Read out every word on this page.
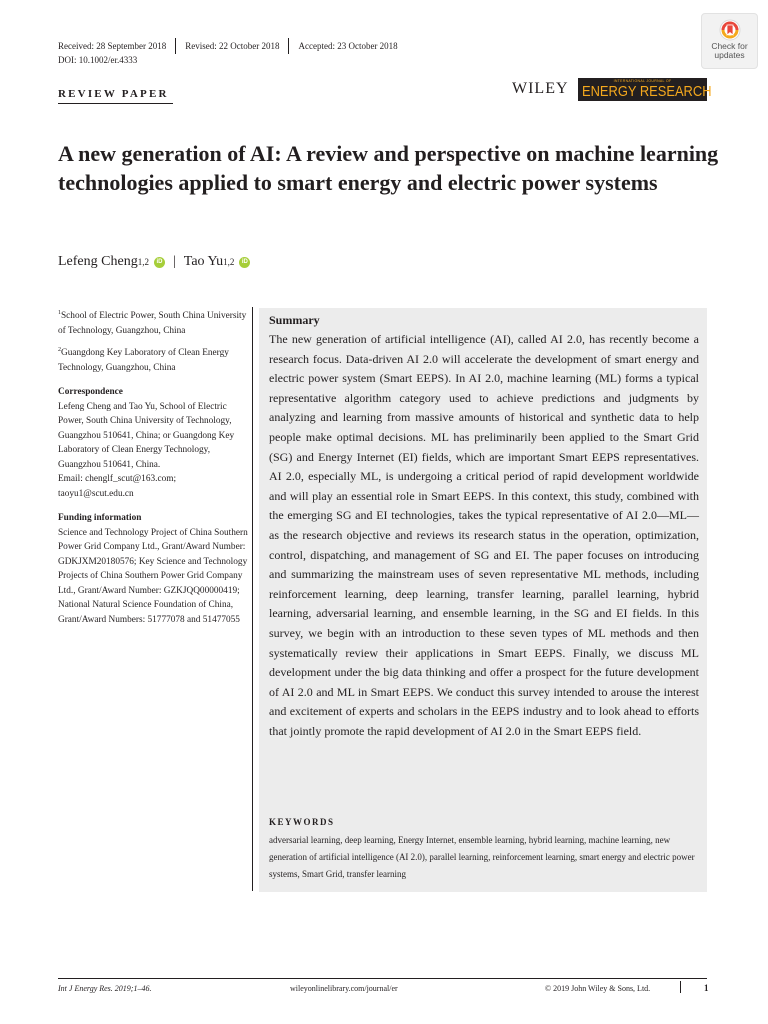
Received: 28 September 2018 Revised: 22 October 2018 Accepted: 23 October 2018
DOI: 10.1002/er.4333
Check for
updates
REVIEW PAPER	WILEY	INTERNATIONAL JOURNAL OF
ENERGY RESEARCH
A new generation of AI: A review and perspective on machine learning technologies applied to smart energy and electric power systems
Lefeng Cheng 1,2	iD | Tao Yu 1,2	iD

$^1$School of Electric Power, South China University of Technology, Guangzhou, China

$^2$Guangdong Key Laboratory of Clean Energy Technology, Guangzhou, China

Correspondence

Lefeng Cheng and Tao Yu, School of Electric Power, South China University of Technology, Guangzhou 510641, China; or Guangdong Key Laboratory of Clean Energy Technology, Guangzhou 510641, China.

Email: chenglf_scut@163.com;

taoyu1@scut.edu.cn

Funding information

Science and Technology Project of China Southern Power Grid Company Ltd., Grant/Award Number: GDKJXM20180576; Key Science and Technology Projects of China Southern Power Grid Company Ltd., Grant/Award Number: GZKJQQ00000419; National Natural Science Foundation of China, Grant/Award Numbers: 51777078 and 51477055

Summary
The new generation of artificial intelligence (AI), called AI 2.0, has recently become a research focus. Data-driven AI 2.0 will accelerate the development of smart energy and electric power system (Smart EEPS). In AI 2.0, machine learning (ML) forms a typical representative algorithm category used to achieve predictions and judgments by analyzing and learning from massive amounts of historical and synthetic data to help people make optimal decisions. ML has preliminarily been applied to the Smart Grid (SG) and Energy Internet (EI) fields, which are important Smart EEPS representatives. AI 2.0, especially ML, is undergoing a critical period of rapid development worldwide and will play an essential role in Smart EEPS. In this context, this study, combined with the emerging SG and EI technologies, takes the typical representative of AI 2.0—ML—as the research objective and reviews its research status in the operation, optimization, control, dispatching, and management of SG and EI. The paper focuses on introducing and summarizing the mainstream uses of seven representative ML methods, including reinforcement learning, deep learning, transfer learning, parallel learning, hybrid learning, adversarial learning, and ensemble learning, in the SG and EI fields. In this survey, we begin with an introduction to these seven types of ML methods and then systematically review their applications in Smart EEPS. Finally, we discuss ML development under the big data thinking and offer a prospect for the future development of AI 2.0 and ML in Smart EEPS. We conduct this survey intended to arouse the interest and excitement of experts and scholars in the EEPS industry and to look ahead to efforts that jointly promote the rapid development of AI 2.0 in the Smart EEPS field.
KEYWORDS
adversarial learning, deep learning, Energy Internet, ensemble learning, hybrid learning, machine learning, new generation of artificial intelligence (AI 2.0), parallel learning, reinforcement learning, smart energy and electric power systems, Smart Grid, transfer learning
Int J Energy Res. 2019;1–46.	wileyonlinelibrary.com/journal/er	© 2019 John Wiley & Sons, Ltd.	1
